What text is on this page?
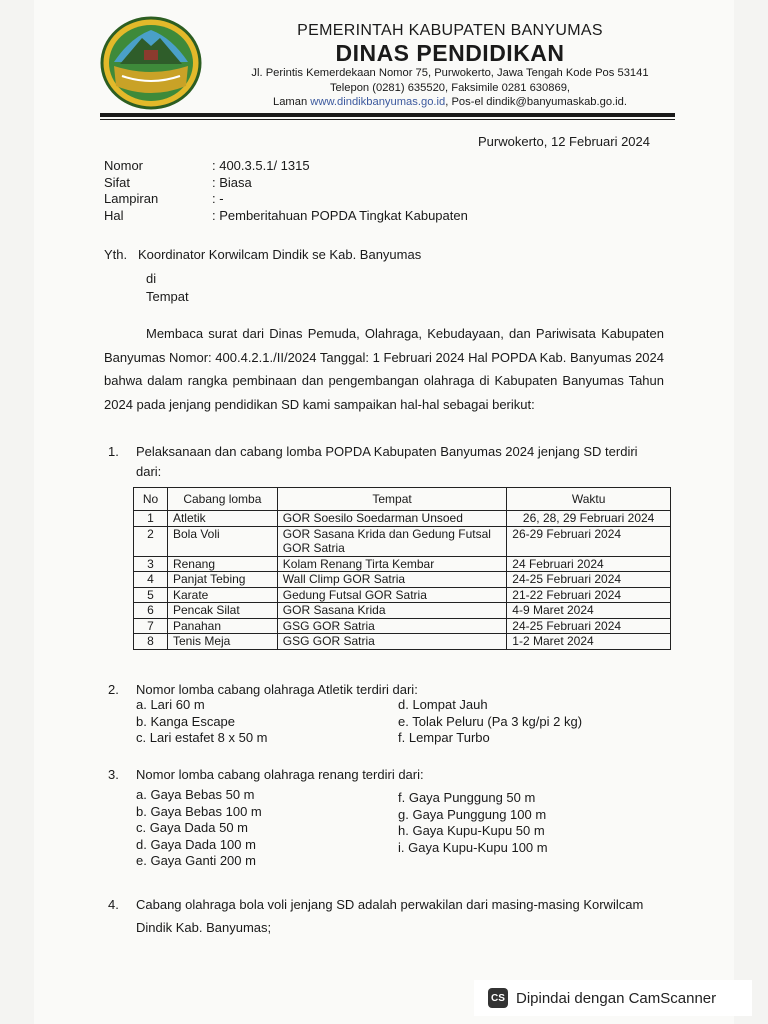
PEMERINTAH KABUPATEN BANYUMAS
DINAS PENDIDIKAN
Jl. Perintis Kemerdekaan Nomor 75, Purwokerto, Jawa Tengah Kode Pos 53141
Telepon (0281) 635520, Faksimile 0281 630869,
Laman www.dindikbanyumas.go.id, Pos-el dindik@banyumaskab.go.id.
Purwokerto, 12 Februari 2024
Nomor	: 400.3.5.1/ 1315
Sifat	: Biasa
Lampiran	: -
Hal	: Pemberitahuan POPDA Tingkat Kabupaten
Yth. Koordinator Korwilcam Dindik se Kab. Banyumas
di
Tempat
Membaca surat dari Dinas Pemuda, Olahraga, Kebudayaan, dan Pariwisata Kabupaten Banyumas Nomor: 400.4.2.1./II/2024 Tanggal: 1 Februari 2024 Hal POPDA Kab. Banyumas 2024 bahwa dalam rangka pembinaan dan pengembangan olahraga di Kabupaten Banyumas Tahun 2024 pada jenjang pendidikan SD kami sampaikan hal-hal sebagai berikut:
1. Pelaksanaan dan cabang lomba POPDA Kabupaten Banyumas 2024 jenjang SD terdiri
dari:
No	Cabang lomba	Tempat	Waktu
1	Atletik	GOR Soesilo Soedarman Unsoed	26, 28, 29 Februari 2024
2	Bola Voli	GOR Sasana Krida dan Gedung Futsal GOR Satria	26-29 Februari 2024
3	Renang	Kolam Renang Tirta Kembar	24 Februari 2024
4	Panjat Tebing	Wall Climp GOR Satria	24-25 Februari 2024
5	Karate	Gedung Futsal GOR Satria	21-22 Februari 2024
6	Pencak Silat	GOR Sasana Krida	4-9 Maret 2024
7	Panahan	GSG GOR Satria	24-25 Februari 2024
8	Tenis Meja	GSG GOR Satria	1-2 Maret 2024
2. Nomor lomba cabang olahraga Atletik terdiri dari:
a. Lari 60 m
b. Kanga Escape
c. Lari estafet 8 x 50 m
d. Lompat Jauh
e. Tolak Peluru (Pa 3 kg/pi 2 kg)
f. Lempar Turbo
3. Nomor lomba cabang olahraga renang terdiri dari:
a. Gaya Bebas 50 m
b. Gaya Bebas 100 m
c. Gaya Dada 50 m
d. Gaya Dada 100 m
e. Gaya Ganti 200 m
f. Gaya Punggung 50 m
g. Gaya Punggung 100 m
h. Gaya Kupu-Kupu 50 m
i. Gaya Kupu-Kupu 100 m
4. Cabang olahraga bola voli jenjang SD adalah perwakilan dari masing-masing Korwilcam
Dindik Kab. Banyumas;
CS Dipindai dengan CamScanner
